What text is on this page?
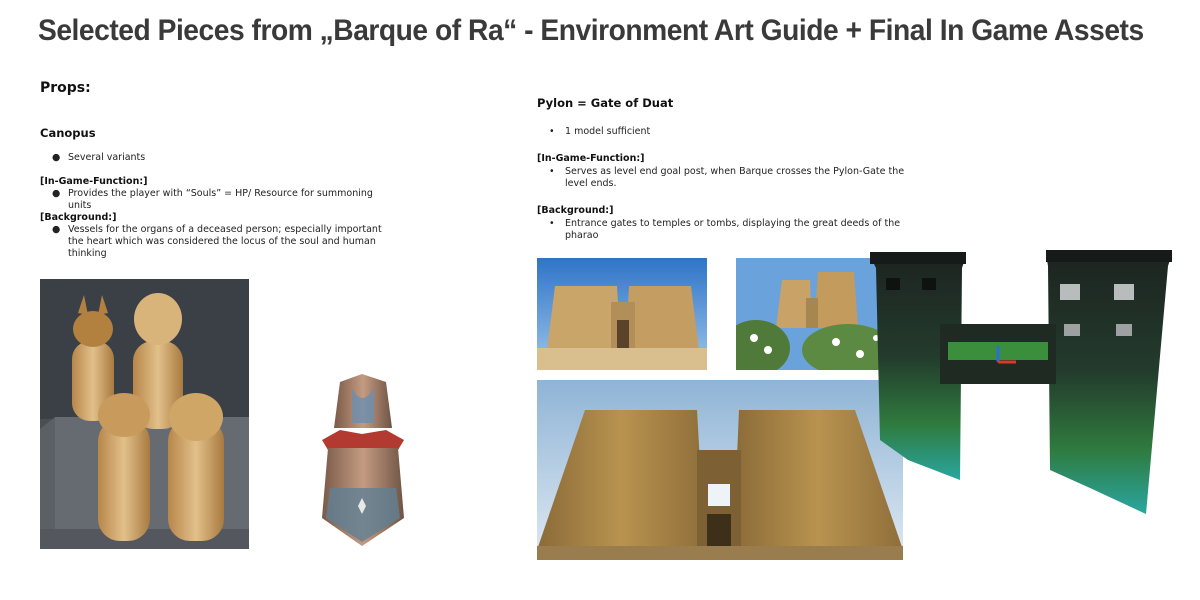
Selected Pieces from „Barque of Ra“ - Environment Art Guide + Final In Game Assets
Props:
Canopus
● Several variants
[In-Game-Function:]
● Provides the player with “Souls” = HP/ Resource for summoning units
[Background:]
● Vessels for the organs of a deceased person; especially important the heart which was considered the locus of the soul and human thinking
Pylon = Gate of Duat
• 1 model sufficient
[In-Game-Function:]
• Serves as level end goal post, when Barque crosses the Pylon-Gate the level ends.
[Background:]
• Entrance gates to temples or tombs, displaying the great deeds of the pharao
